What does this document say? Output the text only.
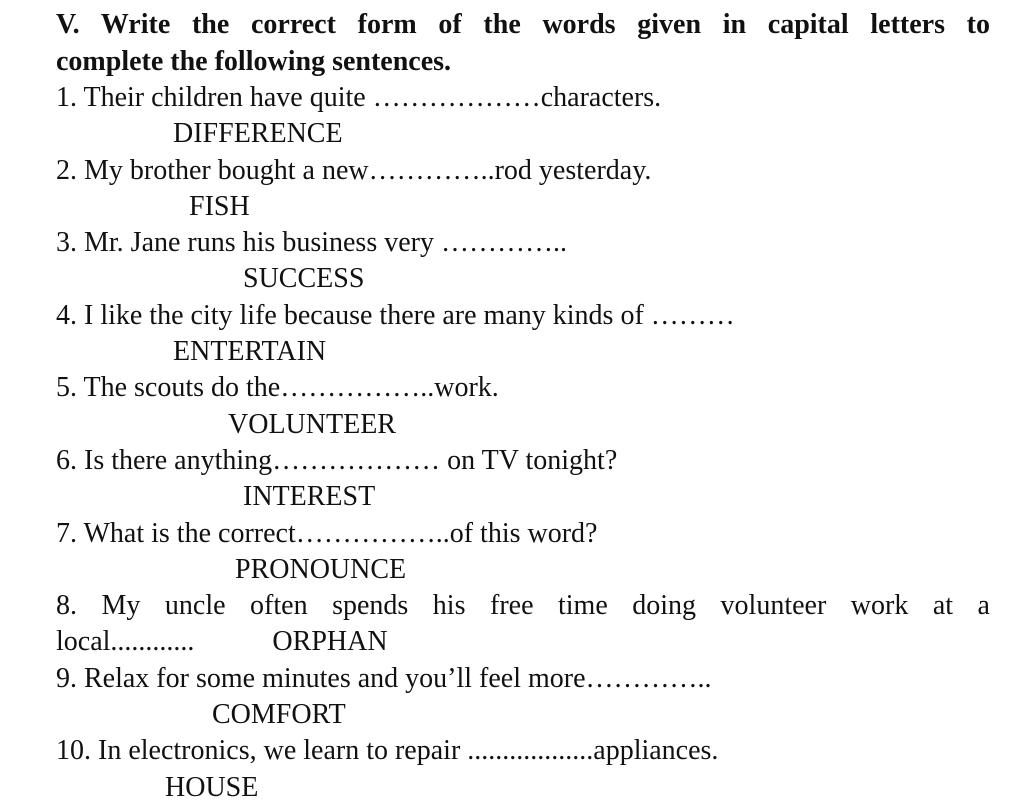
V. Write the correct form of the words given in capital letters to
complete the following sentences.

1. Their children have quite ………………characters.

DIFFERENCE

2. My brother bought a new…………..rod yesterday.

FISH

3. Mr. Jane runs his business very …………..

SUCCESS

4. I like the city life because there are many kinds of ………

ENTERTAIN

5. The scouts do the……………..work.

VOLUNTEER

6. Is there anything……………… on TV tonight?

INTEREST

7. What is the correct……………..of this word?

PRONOUNCE

8. My uncle often spends his free time doing volunteer work at a

local............	ORPHAN

9. Relax for some minutes and you’ll feel more…………..

COMFORT

10. In electronics, we learn to repair ..................appliances.

HOUSE
